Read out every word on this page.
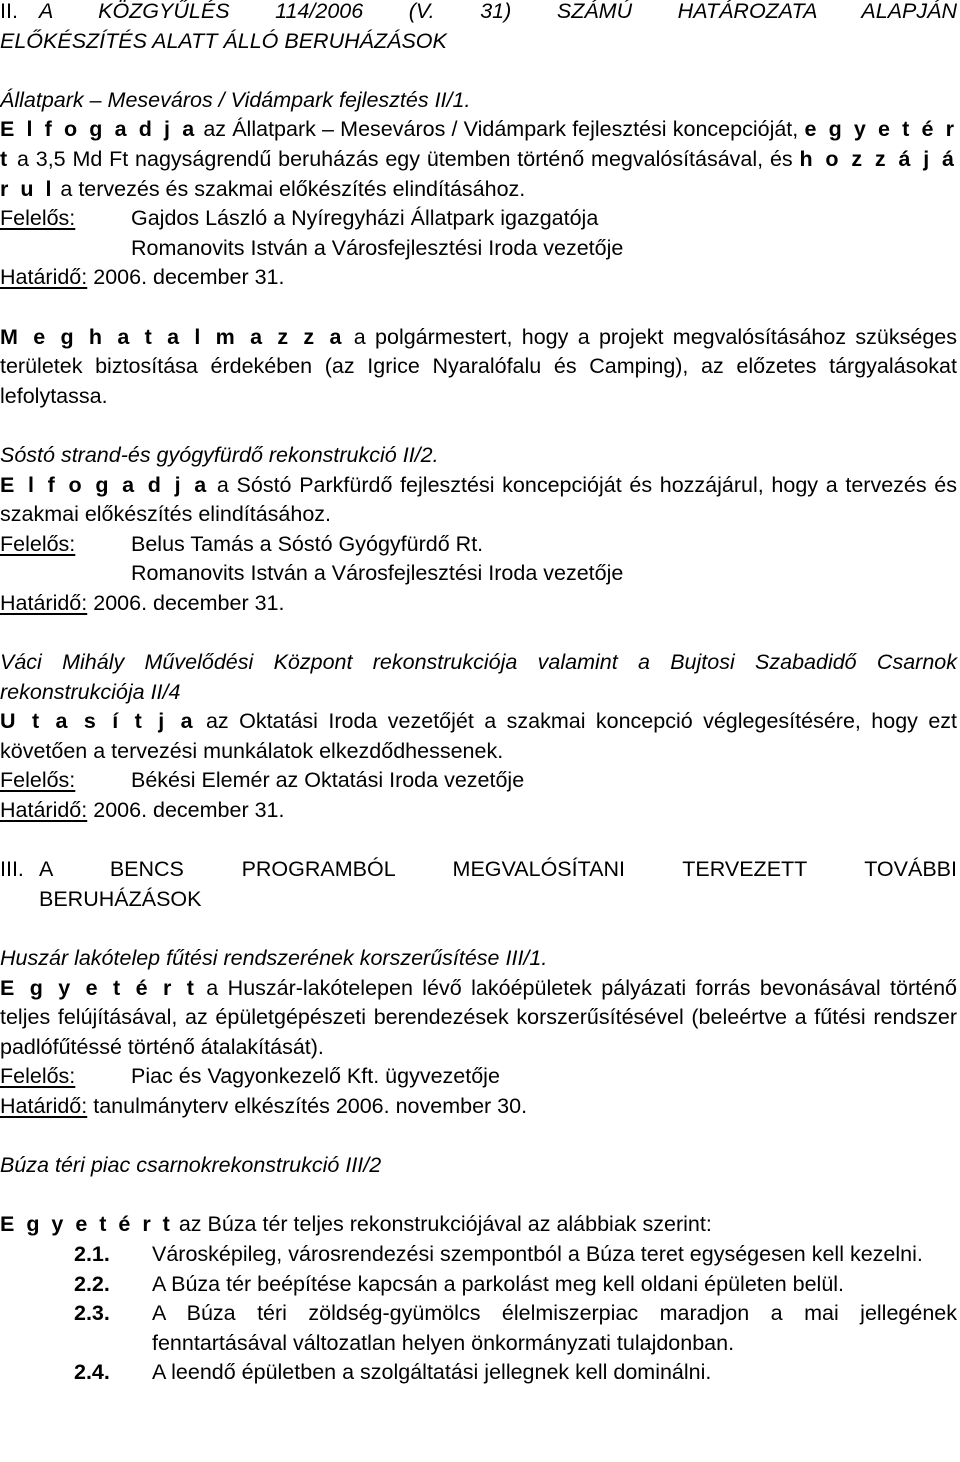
II. A KÖZGYŰLÉS 114/2006 (V. 31) SZÁMÚ HATÁROZATA ALAPJÁN
ELŐKÉSZÍTÉS ALATT ÁLLÓ BERUHÁZÁSOK
Állatpark – Meseváros / Vidámpark fejlesztés II/1.

E l f o g a d j a az Állatpark – Meseváros / Vidámpark fejlesztési koncepcióját, e g y e t é r t a 3,5 Md Ft nagyságrendű beruházás egy ütemben történő megvalósításával, és h o z z á j á r u l a tervezés és szakmai előkészítés elindításához.

Felelős:	Gajdos László a Nyíregyházi Állatpark igazgatója
Romanovits István a Városfejlesztési Iroda vezetője
Határidő: 2006. december 31.

M e g h a t a l m a z z a a polgármestert, hogy a projekt megvalósításához szükséges területek biztosítása érdekében (az Igrice Nyaralófalu és Camping), az előzetes tárgyalásokat lefolytassa.

Sóstó strand-és gyógyfürdő rekonstrukció II/2.

E l f o g a d j a a Sóstó Parkfürdő fejlesztési koncepcióját és hozzájárul, hogy a tervezés és szakmai előkészítés elindításához.

Felelős:	Belus Tamás a Sóstó Gyógyfürdő Rt.
Romanovits István a Városfejlesztési Iroda vezetője
Határidő: 2006. december 31.

Váci Mihály Művelődési Központ rekonstrukciója valamint a Bujtosi Szabadidő Csarnok rekonstrukciója II/4

U t a s í t j a az Oktatási Iroda vezetőjét a szakmai koncepció véglegesítésére, hogy ezt követően a tervezési munkálatok elkezdődhessenek.

Felelős:	Békési Elemér az Oktatási Iroda vezetője
Határidő: 2006. december 31.
III. A BENCS PROGRAMBÓL MEGVALÓSÍTANI TERVEZETT TOVÁBBI
BERUHÁZÁSOK
Huszár lakótelep fűtési rendszerének korszerűsítése III/1.

E g y e t é r t a Huszár-lakótelepen lévő lakóépületek pályázati forrás bevonásával történő teljes felújításával, az épületgépészeti berendezések korszerűsítésével (beleértve a fűtési rendszer padlófűtéssé történő átalakítását).

Felelős:	Piac és Vagyonkezelő Kft. ügyvezetője
Határidő: tanulmányterv elkészítés 2006. november 30.
Búza téri piac csarnokrekonstrukció III/2

E g y e t é r t az Búza tér teljes rekonstrukciójával az alábbiak szerint:

2.1.	Városképileg, városrendezési szempontból a Búza teret egységesen kell kezelni.
2.2.	A Búza tér beépítése kapcsán a parkolást meg kell oldani épületen belül.
2.3.	A Búza téri zöldség-gyümölcs élelmiszerpiac maradjon a mai jellegének fenntartásával változatlan helyen önkormányzati tulajdonban.
2.4.	A leendő épületben a szolgáltatási jellegnek kell dominálni.
